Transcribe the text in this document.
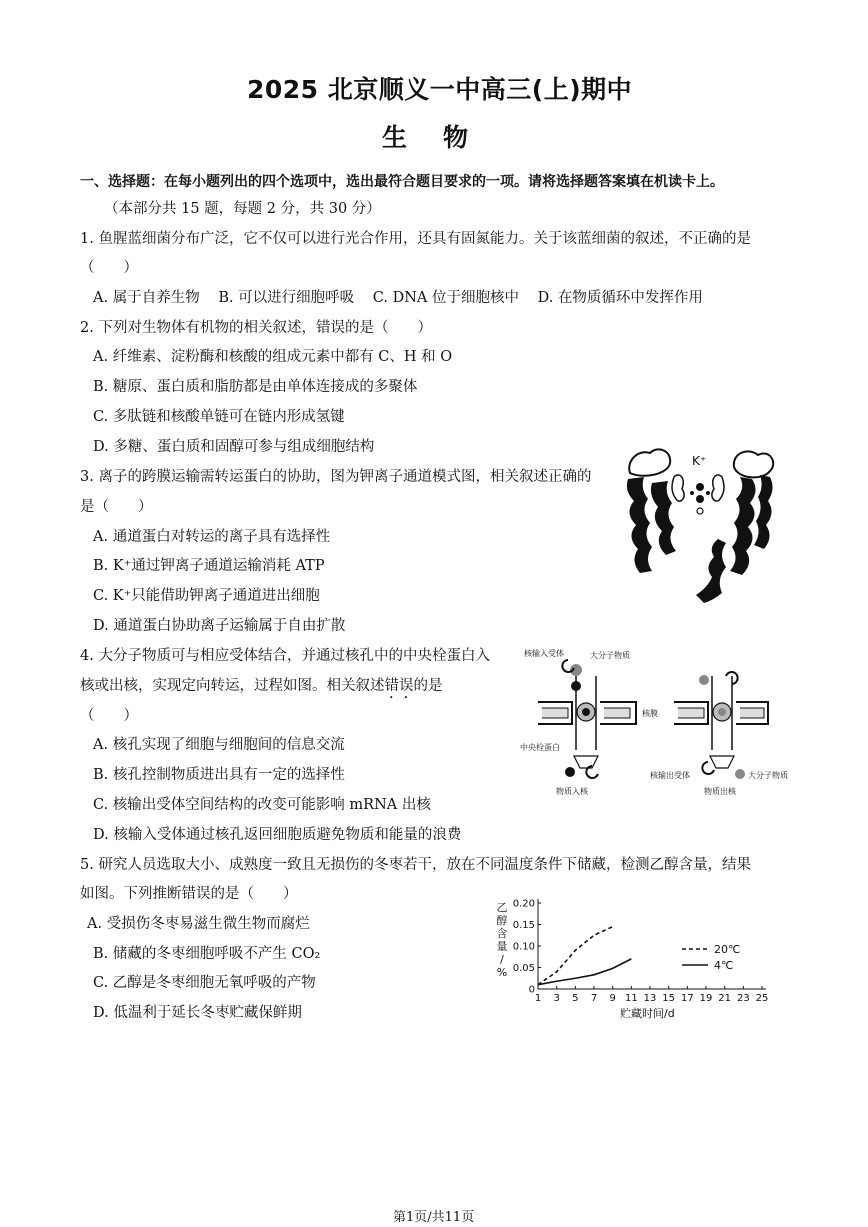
2025 北京顺义一中高三(上)期中
生物
一、选择题：在每小题列出的四个选项中，选出最符合题目要求的一项。请将选择题答案填在机读卡上。
（本部分共 15 题，每题 2 分，共 30 分）
1. 鱼腥蓝细菌分布广泛，它不仅可以进行光合作用，还具有固氮能力。关于该蓝细菌的叙述，不正确的是
（　　）
A. 属于自养生物 B. 可以进行细胞呼吸 C. DNA 位于细胞核中 D. 在物质循环中发挥作用
2. 下列对生物体有机物的相关叙述，错误的是（　　）
A. 纤维素、淀粉酶和核酸的组成元素中都有 C、H 和 O
B. 糖原、蛋白质和脂肪都是由单体连接成的多聚体
C. 多肽链和核酸单链可在链内形成氢键
D. 多糖、蛋白质和固醇可参与组成细胞结构
3. 离子的跨膜运输需转运蛋白的协助，图为钾离子通道模式图，相关叙述正确的
是（　　）
A. 通道蛋白对转运的离子具有选择性
B. K⁺通过钾离子通道运输消耗 ATP
C. K⁺只能借助钾离子通道进出细胞
D. 通道蛋白协助离子运输属于自由扩散
K⁺
4. 大分子物质可与相应受体结合，并通过核孔中的中央栓蛋白入
核或出核，实现定向转运，过程如图。相关叙述错误的是
（　　）
A. 核孔实现了细胞与细胞间的信息交流
B. 核孔控制物质进出具有一定的选择性
C. 核输出受体空间结构的改变可能影响 mRNA 出核
D. 核输入受体通过核孔返回细胞质避免物质和能量的浪费
核输入受体	大分子物质
核膜
中央栓蛋白
核输出受体	大分子物质
物质入核	物质出核
5. 研究人员选取大小、成熟度一致且无损伤的冬枣若干，放在不同温度条件下储藏，检测乙醇含量，结果
如图。下列推断错误的是（　　）
A. 受损伤冬枣易滋生微生物而腐烂
B. 储藏的冬枣细胞呼吸不产生 CO₂
C. 乙醇是冬枣细胞无氧呼吸的产物
D. 低温利于延长冬枣贮藏保鲜期
乙
醇
含
量
/
%
1 3 5 7 9 11 13 15 17 19 21 23 25
0
0.05
0.10
0.15
0.20
20℃
4℃
贮藏时间/d
第1页/共11页
